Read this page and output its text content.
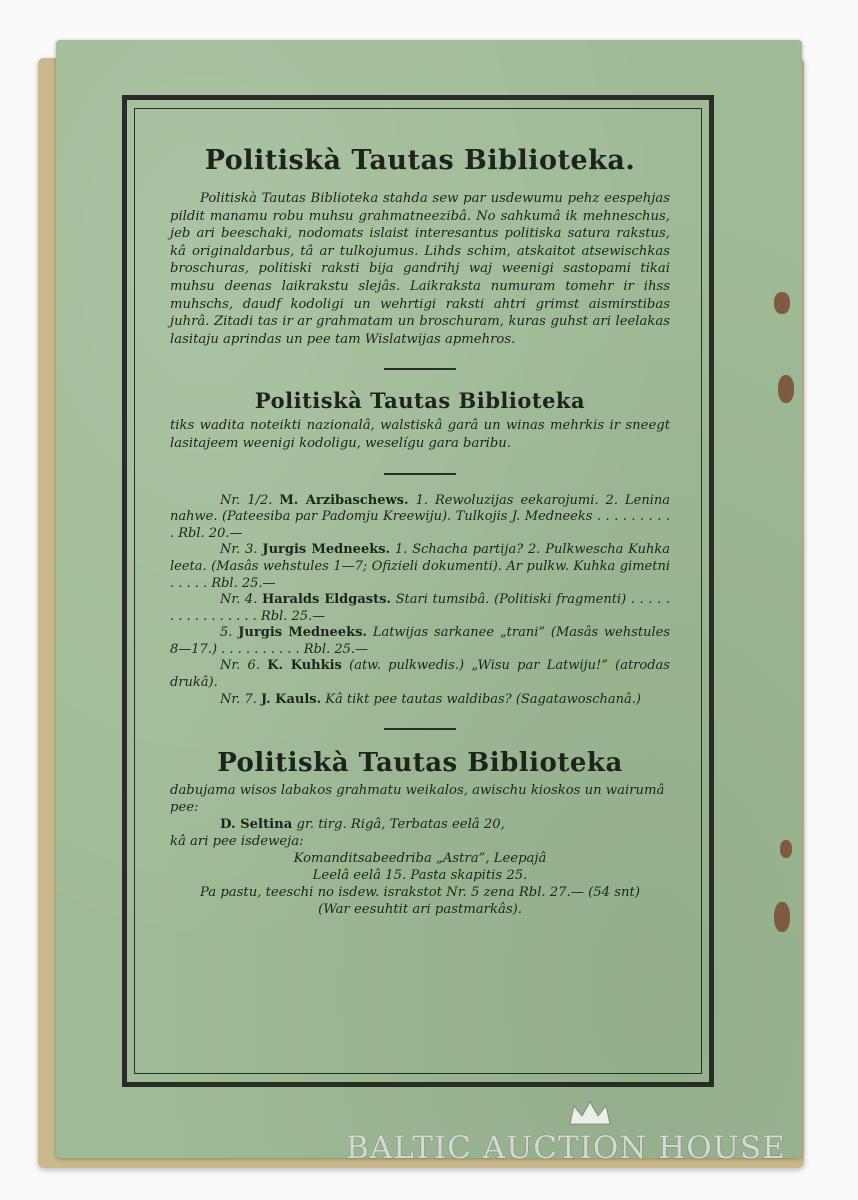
Politiskà Tautas Biblioteka.

Politiskà Tautas Biblioteka stahda sew par usdewumu pehz eespehjas pildit manamu robu muhsu grahmatneezibâ. No sahkumâ ik mehneschus, jeb ari beeschaki, nodomats islaist interesantus politiska satura rakstus, kâ originaldarbus, tâ ar tulkojumus. Lihds schim, atskaitot atsewischkas broschuras, politiski raksti bija gandrihj waj weenigi sastopami tikai muhsu deenas laikrakstu slejâs. Laikraksta numuram tomehr ir ihss muhschs, daudf kodoligi un wehrtigi raksti ahtri grimst aismirstibas juhrâ. Zitadi tas ir ar grahmatam un broschuram, kuras guhst ari leelakas lasitaju aprindas un pee tam Wislatwijas apmehros.

Politiskà Tautas Biblioteka

tiks wadita noteikti nazionalâ, walstiskâ garâ un winas mehrkis ir sneegt lasitajeem weenigi kodoligu, weselígu gara baribu.

Nr. 1/2. M. Arzibaschews. 1. Rewoluzijas eekarojumi. 2. Lenina nahwe. (Pateesiba par Padomju Kreewiju). Tulkojis J. Medneeks . . . . . . . . . . Rbl. 20.—

Nr. 3. Jurgis Medneeks. 1. Schacha partija? 2. Pulkwescha Kuhka leeta. (Masâs wehstules 1—7; Ofizieli dokumenti). Ar pulkw. Kuhka gimetni . . . . . Rbl. 25.—

Nr. 4. Haralds Eldgasts. Stari tumsibâ. (Politiski fragmenti) . . . . . . . . . . . . . . . . Rbl. 25.—

5. Jurgis Medneeks. Latwijas sarkanee „trani” (Masâs wehstules 8—17.) . . . . . . . . . . Rbl. 25.—

Nr. 6. K. Kuhkis (atw. pulkwedis.) „Wisu par Latwiju!” (atrodas drukâ).

Nr. 7. J. Kauls. Kâ tikt pee tautas waldibas? (Sagatawoschanâ.)

Politiskà Tautas Biblioteka

dabujama wisos labakos grahmatu weikalos, awischu kioskos un wairumâ pee:

D. Seltina gr. tirg. Rigâ, Terbatas eelâ 20,

kâ ari pee isdeweja:

Komanditsabeedriba „Astra”, Leepajâ

Leelâ eelâ 15. Pasta skapitis 25.

Pa pastu, teeschi no isdew. israkstot Nr. 5 zena Rbl. 27.— (54 snt)

(War eesuhtit ari pastmarkâs).

BALTIC AUCTION HOUSE
